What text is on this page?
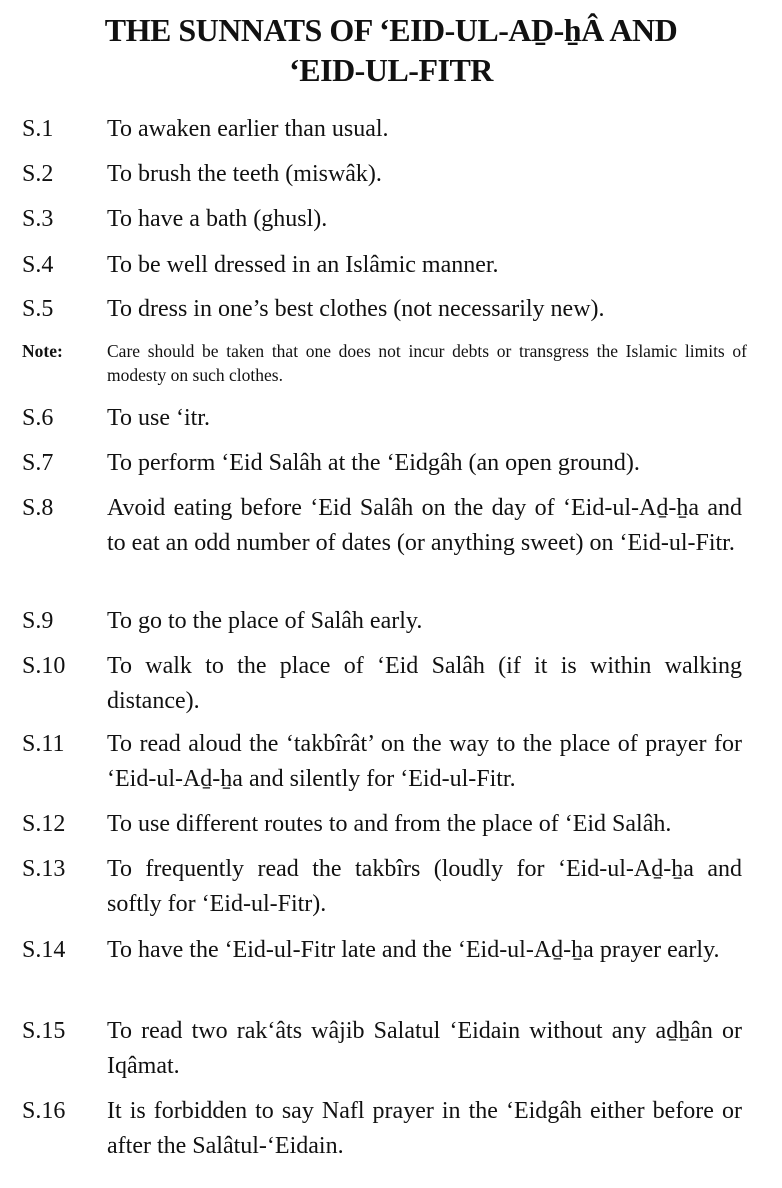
THE SUNNATS OF ‘EID-UL-AḎ-ẖÂ AND
‘EID-UL-FITR
S.1 To awaken earlier than usual.
S.2 To brush the teeth (miswâk).
S.3 To have a bath (ghusl).
S.4 To be well dressed in an Islâmic manner.
S.5 To dress in one’s best clothes (not necessarily new).
Note:	Care should be taken that one does not incur debts or transgress the Islamic limits of modesty on such clothes.
S.6 To use ‘itr.
S.7 To perform ‘Eid Salâh at the ‘Eidgâh (an open ground).
S.8 Avoid eating before ‘Eid Salâh on the day of ‘Eid-ul-Aḏ-ẖa and to eat an odd number of dates (or anything sweet) on ‘Eid-ul-Fitr.
S.9 To go to the place of Salâh early.
S.10 To walk to the place of ‘Eid Salâh (if it is within walking distance).
S.11 To read aloud the ‘takbîrât’ on the way to the place of prayer for ‘Eid-ul-Aḏ-ẖa and silently for ‘Eid-ul-Fitr.
S.12 To use different routes to and from the place of ‘Eid Salâh.
S.13 To frequently read the takbîrs (loudly for ‘Eid-ul-Aḏ-ẖa and softly for ‘Eid-ul-Fitr).
S.14 To have the ‘Eid-ul-Fitr late and the ‘Eid-ul-Aḏ-ẖa prayer early.
S.15 To read two rak‘âts wâjib Salatul ‘Eidain without any aḏẖân or Iqâmat.
S.16 It is forbidden to say Nafl prayer in the ‘Eidgâh either before or after the Salâtul-‘Eidain.
